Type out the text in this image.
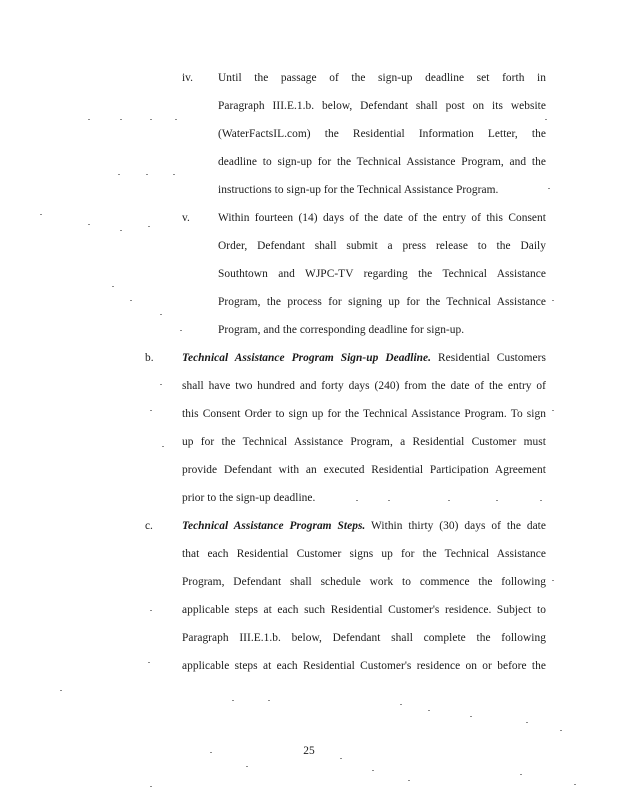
iv. Until the passage of the sign-up deadline set forth in
Paragraph III.E.1.b. below, Defendant shall post on its website
(WaterFactsIL.com) the Residential Information Letter, the
deadline to sign-up for the Technical Assistance Program, and the
instructions to sign-up for the Technical Assistance Program.
v. Within fourteen (14) days of the date of the entry of this Consent
Order, Defendant shall submit a press release to the Daily
Southtown and WJPC-TV regarding the Technical Assistance
Program, the process for signing up for the Technical Assistance
Program, and the corresponding deadline for sign-up.
b. Technical Assistance Program Sign-up Deadline. Residential Customers
shall have two hundred and forty days (240) from the date of the entry of
this Consent Order to sign up for the Technical Assistance Program. To sign
up for the Technical Assistance Program, a Residential Customer must
provide Defendant with an executed Residential Participation Agreement
prior to the sign-up deadline.
c.	Technical Assistance Program Steps. Within thirty (30) days of the date
that each Residential Customer signs up for the Technical Assistance
Program, Defendant shall schedule work to commence the following
applicable steps at each such Residential Customer's residence. Subject to
Paragraph III.E.1.b. below, Defendant shall complete the following
applicable steps at each Residential Customer's residence on or before the
25
